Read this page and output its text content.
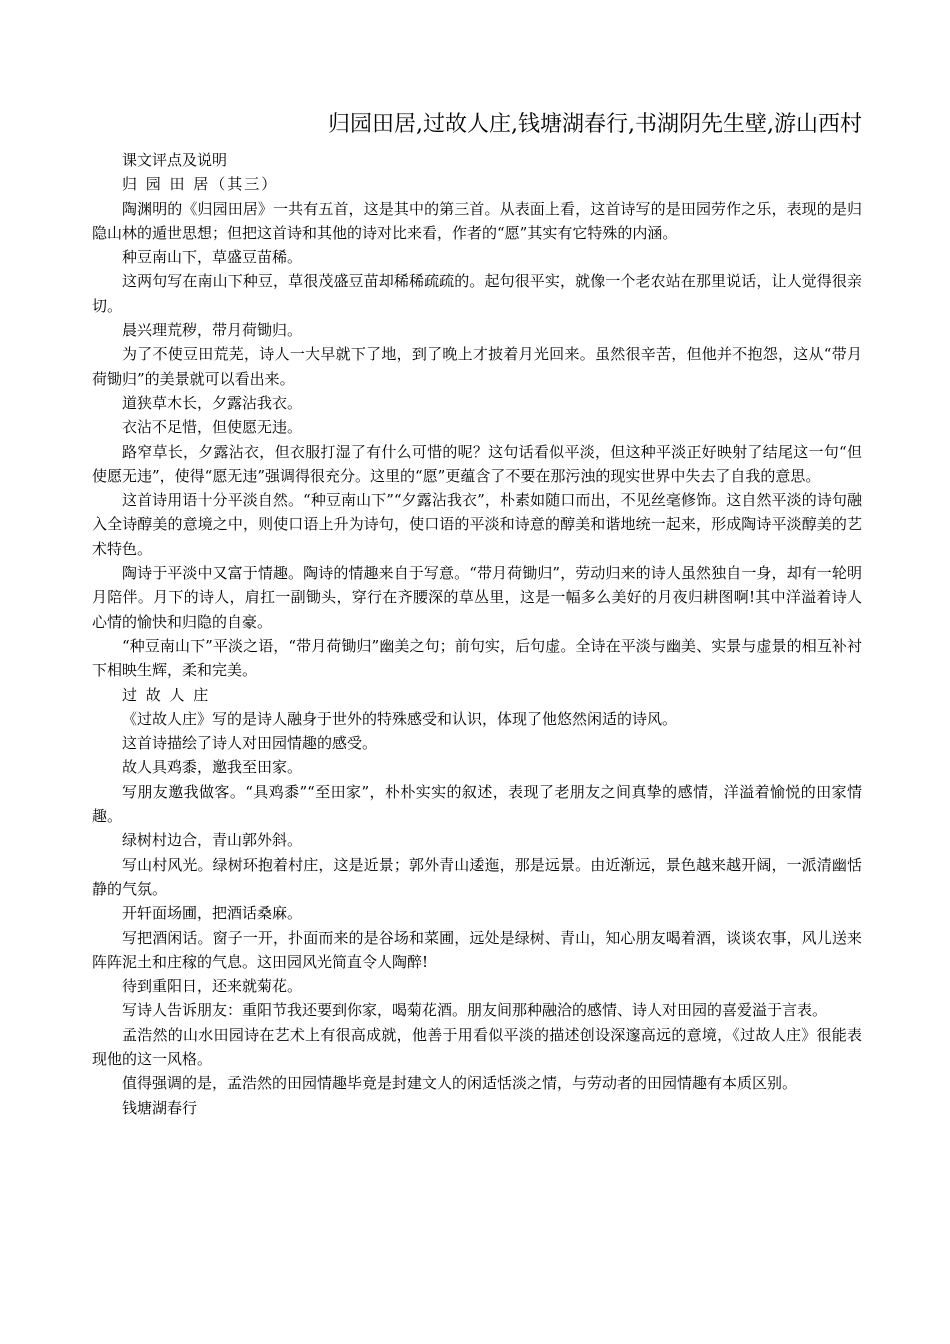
归园田居,过故人庄,钱塘湖春行,书湖阴先生壁,游山西村

课文评点及说明

归 园 田 居（其三）

陶渊明的《归园田居》一共有五首，这是其中的第三首。从表面上看，这首诗写的是田园劳作之乐，表现的是归隐山林的遁世思想；但把这首诗和其他的诗对比来看，作者的“愿”其实有它特殊的内涵。

种豆南山下，草盛豆苗稀。

这两句写在南山下种豆，草很茂盛豆苗却稀稀疏疏的。起句很平实，就像一个老农站在那里说话，让人觉得很亲切。

晨兴理荒秽，带月荷锄归。

为了不使豆田荒芜，诗人一大早就下了地，到了晚上才披着月光回来。虽然很辛苦，但他并不抱怨，这从“带月荷锄归”的美景就可以看出来。

道狭草木长，夕露沾我衣。

衣沾不足惜，但使愿无违。

路窄草长，夕露沾衣，但衣服打湿了有什么可惜的呢？这句话看似平淡，但这种平淡正好映射了结尾这一句“但使愿无违”，使得“愿无违”强调得很充分。这里的“愿”更蕴含了不要在那污浊的现实世界中失去了自我的意思。

这首诗用语十分平淡自然。“种豆南山下”“夕露沾我衣”，朴素如随口而出，不见丝毫修饰。这自然平淡的诗句融入全诗醇美的意境之中，则使口语上升为诗句，使口语的平淡和诗意的醇美和谐地统一起来，形成陶诗平淡醇美的艺术特色。

陶诗于平淡中又富于情趣。陶诗的情趣来自于写意。“带月荷锄归”，劳动归来的诗人虽然独自一身，却有一轮明月陪伴。月下的诗人，肩扛一副锄头，穿行在齐腰深的草丛里，这是一幅多么美好的月夜归耕图啊!其中洋溢着诗人心情的愉快和归隐的自豪。

“种豆南山下”平淡之语，“带月荷锄归”幽美之句；前句实，后句虚。全诗在平淡与幽美、实景与虚景的相互补衬下相映生辉，柔和完美。

过 故 人 庄

《过故人庄》写的是诗人融身于世外的特殊感受和认识，体现了他悠然闲适的诗风。

这首诗描绘了诗人对田园情趣的感受。

故人具鸡黍，邀我至田家。

写朋友邀我做客。“具鸡黍”“至田家”，朴朴实实的叙述，表现了老朋友之间真挚的感情，洋溢着愉悦的田家情趣。

绿树村边合，青山郭外斜。

写山村风光。绿树环抱着村庄，这是近景；郭外青山逶迤，那是远景。由近渐远，景色越来越开阔，一派清幽恬静的气氛。

开轩面场圃，把酒话桑麻。

写把酒闲话。窗子一开，扑面而来的是谷场和菜圃，远处是绿树、青山，知心朋友喝着酒，谈谈农事，风儿送来阵阵泥土和庄稼的气息。这田园风光简直令人陶醉!

待到重阳日，还来就菊花。

写诗人告诉朋友：重阳节我还要到你家，喝菊花酒。朋友间那种融洽的感情、诗人对田园的喜爱溢于言表。

孟浩然的山水田园诗在艺术上有很高成就，他善于用看似平淡的描述创设深邃高远的意境，《过故人庄》很能表现他的这一风格。

值得强调的是，孟浩然的田园情趣毕竟是封建文人的闲适恬淡之情，与劳动者的田园情趣有本质区别。

钱塘湖春行
